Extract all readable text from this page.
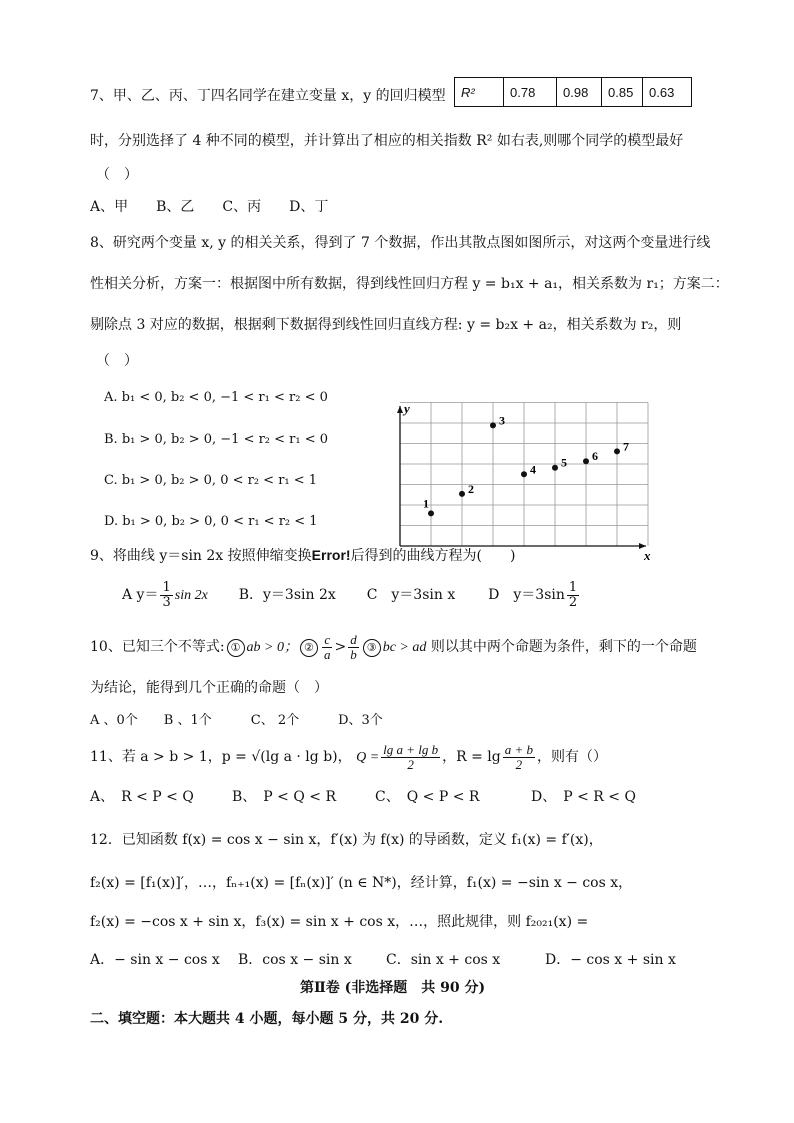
7、甲、乙、丙、丁四名同学在建立变量 x，y 的回归模型 R²	0.78	0.98	0.85	0.63
时，分别选择了 4 种不同的模型，并计算出了相应的相关指数 R² 如右表,则哪个同学的模型最好
（　）
A、甲　　B、乙　　C、丙　　D、丁
8、研究两个变量 x, y 的相关关系，得到了 7 个数据，作出其散点图如图所示，对这两个变量进行线
性相关分析，方案一：根据图中所有数据，得到线性回归方程 y = b₁x + a₁，相关系数为 r₁；方案二：
剔除点 3 对应的数据，根据剩下数据得到线性回归直线方程: y = b₂x + a₂，相关系数为 r₂，则
（　）
A. b₁ < 0, b₂ < 0, −1 < r₁ < r₂ < 0
B. b₁ > 0, b₂ > 0, −1 < r₂ < r₁ < 0
C. b₁ > 0, b₂ > 0, 0 < r₂ < r₁ < 1
D. b₁ > 0, b₂ > 0, 0 < r₁ < r₂ < 1
x
y
1
2
3
4 5 6
7
9、将曲线 y＝sin 2x 按照伸缩变换Error!后得到的曲线方程为(　　)
A $y= \frac{1}{3}$ sin 2x B．y＝3sin 2x C　y＝3sin x D　$y=3\sin \frac{1}{2}$
10、已知三个不等式: ① ab > 0； ② $\frac{c}{a} > \frac{d}{b}$ ③ bc > ad 则以其中两个命题为条件，剩下的一个命题
为结论，能得到几个正确的命题（　）
A 、0个　　B 、1个　　　C、 2个　　　D、3个
11、若 a > b > 1，p = √(lg a · lg b)， $Q = \frac{\text{lg a + lg b}}{2}$ ，$R = \lg \frac{a + b}{2}$ ，则有（）
A、　R < P < Q	B、　P < Q < R	C、　Q < P < R	D、　P < R < Q
12．已知函数 f(x) = cos x − sin x，f′(x) 为 f(x) 的导函数，定义 f₁(x) = f′(x)，
f₂(x) = [f₁(x)]′，…，fₙ₊₁(x) = [fₙ(x)]′ (n ∈ N*)，经计算，f₁(x) = −sin x − cos x，
f₂(x) = −cos x + sin x，f₃(x) = sin x + cos x，…，照此规律，则 f₂₀₂₁(x) =
A．− sin x − cos x B．cos x − sin x C．sin x + cos x	D．− cos x + sin x
第Ⅱ卷 (非选择题　共 90 分)
二、填空题：本大题共 4 小题，每小题 5 分，共 20 分.
